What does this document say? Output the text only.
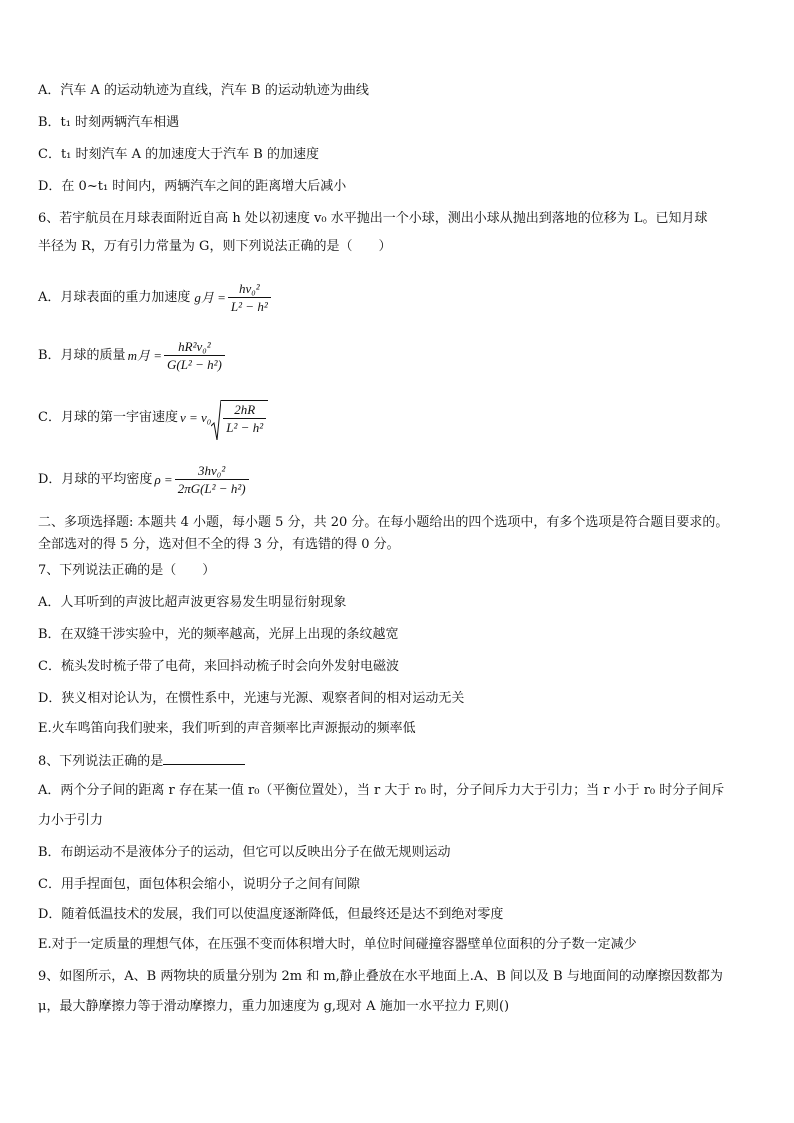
A．汽车 A 的运动轨迹为直线，汽车 B 的运动轨迹为曲线
B．t₁ 时刻两辆汽车相遇
C．t₁ 时刻汽车 A 的加速度大于汽车 B 的加速度
D．在 0~t₁ 时间内，两辆汽车之间的距离增大后减小
6、若宇航员在月球表面附近自高 h 处以初速度 v₀ 水平抛出一个小球，测出小球从抛出到落地的位移为 L。已知月球
半径为 R，万有引力常量为 G，则下列说法正确的是（　　）
A．月球表面的重力加速度 g月 = $\frac{\text{hv₀²}}{\text{L² − h²}}$
B．月球的质量 m月 = $\frac{\text{hR²v₀²}}{\text{G(L² − h²)}}$
C．月球的第一宇宙速度 $v = v_0 \frac{2hR}{\text{L² − h²}}$
D．月球的平均密度 $\rho = \frac{\text{3hv₀²}}{\text{2πG(L² − h²)}}$
二、多项选择题: 本题共 4 小题，每小题 5 分，共 20 分。在每小题给出的四个选项中，有多个选项是符合题目要求的。
全部选对的得 5 分，选对但不全的得 3 分，有选错的得 0 分。
7、下列说法正确的是（　　）
A．人耳听到的声波比超声波更容易发生明显衍射现象
B．在双缝干涉实验中，光的频率越高，光屏上出现的条纹越宽
C．梳头发时梳子带了电荷，来回抖动梳子时会向外发射电磁波
D．狭义相对论认为，在惯性系中，光速与光源、观察者间的相对运动无关
E.火车鸣笛向我们驶来，我们听到的声音频率比声源振动的频率低
8、下列说法正确的是
A．两个分子间的距离 r 存在某一值 r₀（平衡位置处），当 r 大于 r₀ 时，分子间斥力大于引力；当 r 小于 r₀ 时分子间斥
力小于引力
B．布朗运动不是液体分子的运动，但它可以反映出分子在做无规则运动
C．用手捏面包，面包体积会缩小，说明分子之间有间隙
D．随着低温技术的发展，我们可以使温度逐渐降低，但最终还是达不到绝对零度
E.对于一定质量的理想气体，在压强不变而体积增大时，单位时间碰撞容器壁单位面积的分子数一定减少
9、如图所示，A、B 两物块的质量分别为 2m 和 m,静止叠放在水平地面上.A、B 间以及 B 与地面间的动摩擦因数都为
μ，最大静摩擦力等于滑动摩擦力，重力加速度为 g,现对 A 施加一水平拉力 F,则()
